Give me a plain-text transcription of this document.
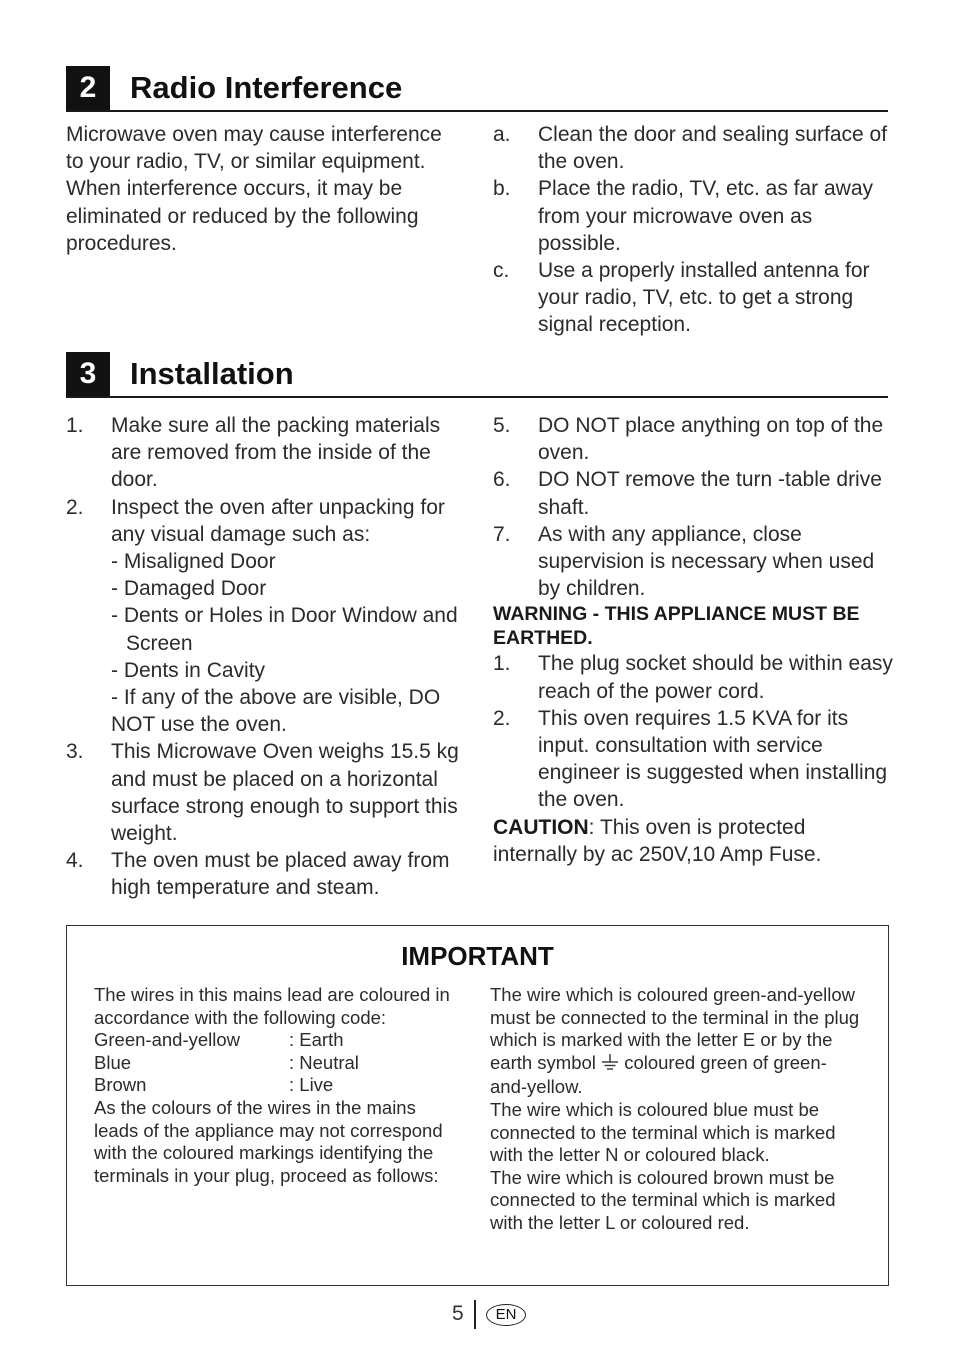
2	Radio Interference
Microwave oven may cause interference to your radio, TV, or similar equipment. When interference occurs, it may be eliminated or reduced by the following procedures.
a. Clean the door and sealing surface of the oven.
b. Place the radio, TV, etc. as far away from your microwave oven as possible.
c. Use a properly installed antenna for your radio, TV, etc. to get a strong signal reception.
3	Installation
1. Make sure all the packing materials are removed from the inside of the door.
2. Inspect the oven after unpacking for any visual damage such as:
- Misaligned Door
- Damaged Door
- Dents or Holes in Door Window and Screen
- Dents in Cavity
- If any of the above are visible, DO NOT use the oven.
3. This Microwave Oven weighs 15.5 kg and must be placed on a horizontal surface strong enough to support this weight.
4. The oven must be placed away from high temperature and steam.
5. DO NOT place anything on top of the oven.
6. DO NOT remove the turn -table drive shaft.
7. As with any appliance, close supervision is necessary when used by children.
WARNING - THIS APPLIANCE MUST BE EARTHED.
1. The plug socket should be within easy reach of the power cord.
2. This oven requires 1.5 KVA for its input. consultation with service engineer is suggested when installing the oven.
CAUTION: This oven is protected internally by ac 250V,10 Amp Fuse.
IMPORTANT
The wires in this mains lead are coloured in accordance with the following code:
Green-and-yellow	: Earth
Blue	: Neutral
Brown	: Live
As the colours of the wires in the mains leads of the appliance may not correspond with the coloured markings identifying the terminals in your plug, proceed as follows:
The wire which is coloured green-and-yellow must be connected to the terminal in the plug which is marked with the letter E or by the earth symbol coloured green of green-and-yellow.
The wire which is coloured blue must be connected to the terminal which is marked with the letter N or coloured black.
The wire which is coloured brown must be connected to the terminal which is marked with the letter L or coloured red.
5	EN
